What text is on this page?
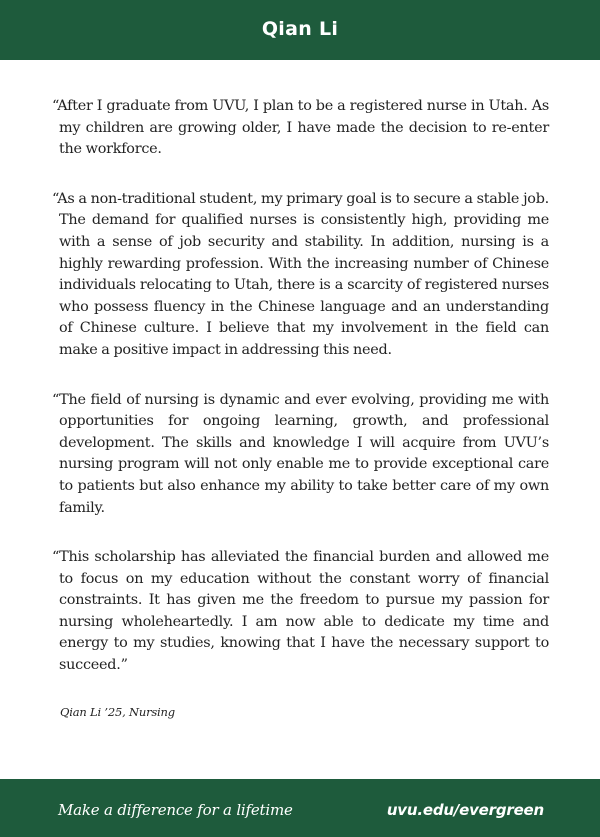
Qian Li

“After I graduate from UVU, I plan to be a registered nurse in Utah. As my children are growing older, I have made the decision to re-enter the workforce.

“As a non-traditional student, my primary goal is to secure a stable job. The demand for qualified nurses is consistently high, providing me with a sense of job security and stability. In addition, nursing is a highly rewarding profession. With the increasing number of Chinese individuals relocating to Utah, there is a scarcity of registered nurses who possess fluency in the Chinese language and an understanding of Chinese culture. I believe that my involvement in the field can make a positive impact in addressing this need.

“The field of nursing is dynamic and ever evolving, providing me with opportunities for ongoing learning, growth, and professional development. The skills and knowledge I will acquire from UVU’s nursing program will not only enable me to provide exceptional care to patients but also enhance my ability to take better care of my own family.

“This scholarship has alleviated the financial burden and allowed me to focus on my education without the constant worry of financial constraints. It has given me the freedom to pursue my passion for nursing wholeheartedly. I am now able to dedicate my time and energy to my studies, knowing that I have the necessary support to succeed.”

Qian Li ’25, Nursing

Make a difference for a lifetime	uvu.edu/evergreen
